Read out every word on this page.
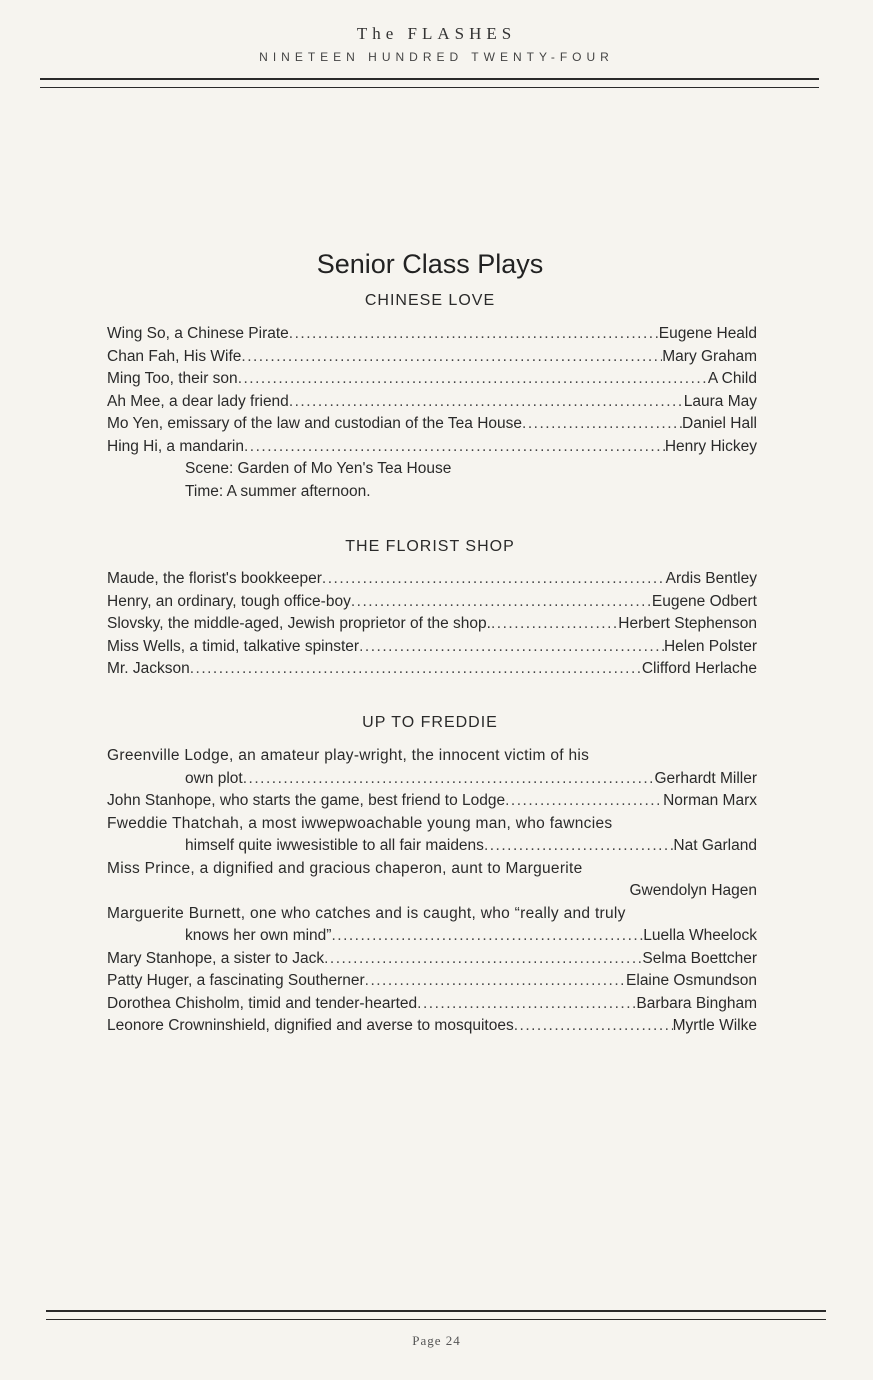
The FLASHES
NINETEEN HUNDRED TWENTY-FOUR
Senior Class Plays
CHINESE LOVE
Wing So, a Chinese Pirate .....	Eugene Heald
Chan Fah, His Wife .....	Mary Graham
Ming Too, their son .....	A Child
Ah Mee, a dear lady friend .....	Laura May
Mo Yen, emissary of the law and custodian of the Tea House .....	Daniel Hall
Hing Hi, a mandarin .....	Henry Hickey
Scene: Garden of Mo Yen's Tea House
Time: A summer afternoon.
THE FLORIST SHOP
Maude, the florist's bookkeeper .....	Ardis Bentley
Henry, an ordinary, tough office-boy .....	Eugene Odbert
Slovsky, the middle-aged, Jewish proprietor of the shop. .....	Herbert Stephenson
Miss Wells, a timid, talkative spinster .....	Helen Polster
Mr. Jackson .....	Clifford Herlache
UP TO FREDDIE
Greenville Lodge, an amateur play-wright, the innocent victim of his
own plot .....	Gerhardt Miller
John Stanhope, who starts the game, best friend to Lodge .....	Norman Marx
Fweddie Thatchah, a most iwwepwoachable young man, who fawncies
himself quite iwwesistible to all fair maidens .....	Nat Garland
Miss Prince, a dignified and gracious chaperon, aunt to Marguerite
Gwendolyn Hagen
Marguerite Burnett, one who catches and is caught, who “really and truly
knows her own mind” .....	Luella Wheelock
Mary Stanhope, a sister to Jack .....	Selma Boettcher
Patty Huger, a fascinating Southerner .....	Elaine Osmundson
Dorothea Chisholm, timid and tender-hearted .....	Barbara Bingham
Leonore Crowninshield, dignified and averse to mosquitoes .....	Myrtle Wilke
Page 24
